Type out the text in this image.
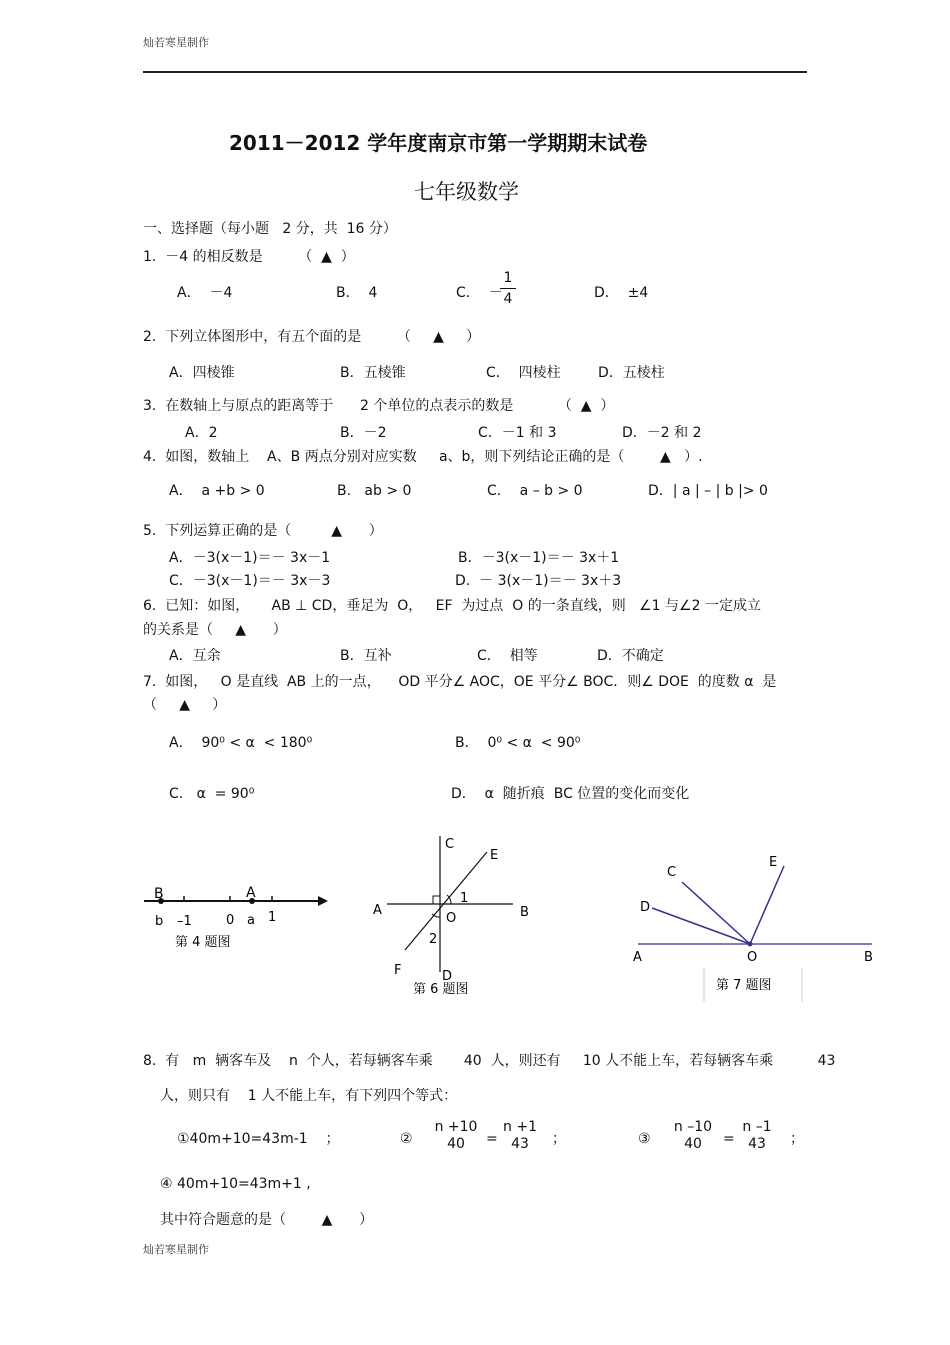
灿若寒星制作
灿若寒星制作
2011－2012 学年度南京市第一学期期末试卷
七年级数学
一、选择题（每小题   2 分，共  16 分）
1.  －4 的相反数是        （  ▲  ）
A．  －4	B．  4	C．  －
1
4	D．  ±4
2.  下列立体图形中，有五个面的是        （     ▲     ）
A．四棱锥	B．五棱锥	C．  四棱柱	D．五棱柱
3.  在数轴上与原点的距离等于      2 个单位的点表示的数是          （  ▲  ）
A．2	B．－2	C．－1 和 3	D．－2 和 2
4.  如图，数轴上    A、B 两点分别对应实数     a、b，则下列结论正确的是（        ▲   ）.
A．  a +b > 0	B.   ab > 0	C．  a – b > 0	D．| a | – | b |> 0
5.  下列运算正确的是（         ▲      ）
A．－3(x－1)＝－ 3x－1	B．－3(x－1)＝－ 3x＋1
C．－3(x－1)＝－ 3x－3	D.  － 3(x－1)＝－ 3x＋3
6.  已知：如图，     AB ⊥ CD，垂足为  O，   EF  为过点  O 的一条直线，则   ∠1 与∠2 一定成立
的关系是（     ▲      ）
A．互余	B．互补	C．  相等	D．不确定
7.  如图，   O 是直线  AB 上的一点，    OD 平分∠ AOC，OE 平分∠ BOC．则∠ DOE  的度数 α  是
（     ▲     ）
A．  90⁰ < α  < 180⁰	B．  0⁰ < α  < 90⁰
C.   α  = 90⁰	D．  α  随折痕  BC 位置的变化而变化
B	A
b –1	0 a 1
第 4 题图
C
E
A	B
O
1
2
F	D
第 6 题图
C
E
D
A	O	B
第 7 题图
8.  有   m  辆客车及    n  个人，若每辆客车乘       40  人，则还有     10 人不能上车，若每辆客车乘          43
人，则只有    1 人不能上车，有下列四个等式：
①40m+10=43m-1    ；	②
n +10
40	=
n +1
43	；	③
n –10
40	=
n –1
43	；
④ 40m+10=43m+1 ,
其中符合题意的是（        ▲      ）
